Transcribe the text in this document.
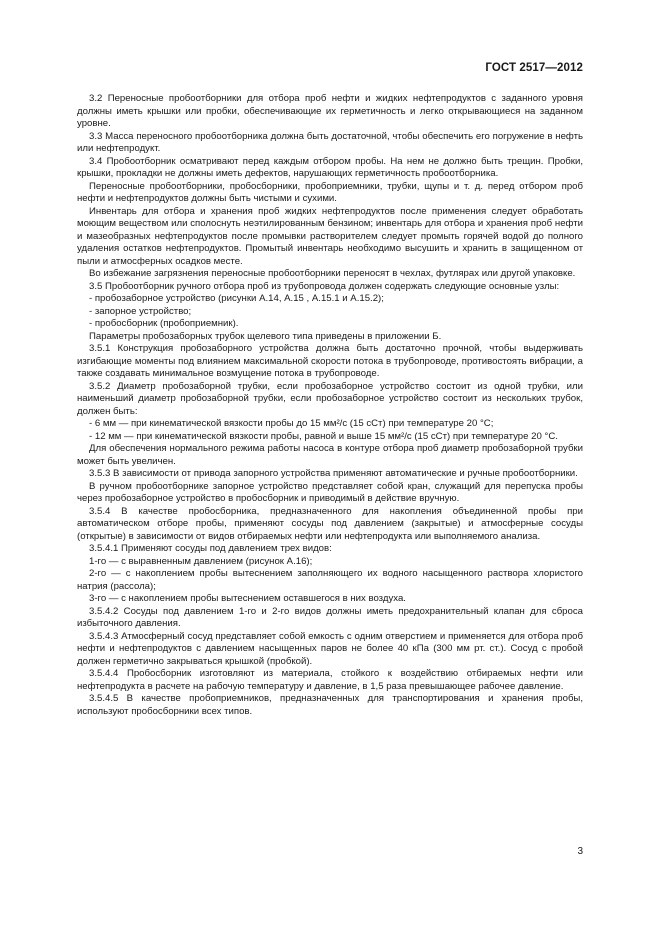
ГОСТ 2517—2012

3.2 Переносные пробоотборники для отбора проб нефти и жидких нефтепродуктов с заданного уровня должны иметь крышки или пробки, обеспечивающие их герметичность и легко открывающиеся на заданном уровне.

3.3 Масса переносного пробоотборника должна быть достаточной, чтобы обеспечить его погружение в нефть или нефтепродукт.

3.4 Пробоотборник осматривают перед каждым отбором пробы. На нем не должно быть трещин. Пробки, крышки, прокладки не должны иметь дефектов, нарушающих герметичность пробоотборника.

Переносные пробоотборники, пробосборники, пробоприемники, трубки, щупы и т. д. перед отбором проб нефти и нефтепродуктов должны быть чистыми и сухими.

Инвентарь для отбора и хранения проб жидких нефтепродуктов после применения следует обработать моющим веществом или сполоснуть неэтилированным бензином; инвентарь для отбора и хранения проб нефти и мазеобразных нефтепродуктов после промывки растворителем следует промыть горячей водой до полного удаления остатков нефтепродуктов. Промытый инвентарь необходимо высушить и хранить в защищенном от пыли и атмосферных осадков месте.

Во избежание загрязнения переносные пробоотборники переносят в чехлах, футлярах или другой упаковке.

3.5 Пробоотборник ручного отбора проб из трубопровода должен содержать следующие основные узлы:

- пробозаборное устройство (рисунки А.14, А.15 , А.15.1 и А.15.2);

- запорное устройство;

- пробосборник (пробоприемник).

Параметры пробозаборных трубок щелевого типа приведены в приложении Б.

3.5.1 Конструкция пробозаборного устройства должна быть достаточно прочной, чтобы выдерживать изгибающие моменты под влиянием максимальной скорости потока в трубопроводе, противостоять вибрации, а также создавать минимальное возмущение потока в трубопроводе.

3.5.2 Диаметр пробозаборной трубки, если пробозаборное устройство состоит из одной трубки, или наименьший диаметр пробозаборной трубки, если пробозаборное устройство состоит из нескольких трубок, должен быть:

- 6 мм — при кинематической вязкости пробы до 15 мм²/с (15 сСт) при температуре 20 °С;

- 12 мм — при кинематической вязкости пробы, равной и выше 15 мм²/с (15 сСт) при температуре 20 °С.

Для обеспечения нормального режима работы насоса в контуре отбора проб диаметр пробозаборной трубки может быть увеличен.

3.5.3 В зависимости от привода запорного устройства применяют автоматические и ручные пробоотборники.

В ручном пробоотборнике запорное устройство представляет собой кран, служащий для перепуска пробы через пробозаборное устройство в пробосборник и приводимый в действие вручную.

3.5.4 В качестве пробосборника, предназначенного для накопления объединенной пробы при автоматическом отборе пробы, применяют сосуды под давлением (закрытые) и атмосферные сосуды (открытые) в зависимости от видов отбираемых нефти или нефтепродукта или выполняемого анализа.

3.5.4.1 Применяют сосуды под давлением трех видов:

1-го — с выравненным давлением (рисунок А.16);

2-го — с накоплением пробы вытеснением заполняющего их водного насыщенного раствора хлористого натрия (рассола);

3-го — с накоплением пробы вытеснением оставшегося в них воздуха.

3.5.4.2 Сосуды под давлением 1-го и 2-го видов должны иметь предохранительный клапан для сброса избыточного давления.

3.5.4.3 Атмосферный сосуд представляет собой емкость с одним отверстием и применяется для отбора проб нефти и нефтепродуктов с давлением насыщенных паров не более 40 кПа (300 мм рт. ст.). Сосуд с пробой должен герметично закрываться крышкой (пробкой).

3.5.4.4 Пробосборник изготовляют из материала, стойкого к воздействию отбираемых нефти или нефтепродукта в расчете на рабочую температуру и давление, в 1,5 раза превышающее рабочее давление.

3.5.4.5 В качестве пробоприемников, предназначенных для транспортирования и хранения пробы, используют пробосборники всех типов.

3
